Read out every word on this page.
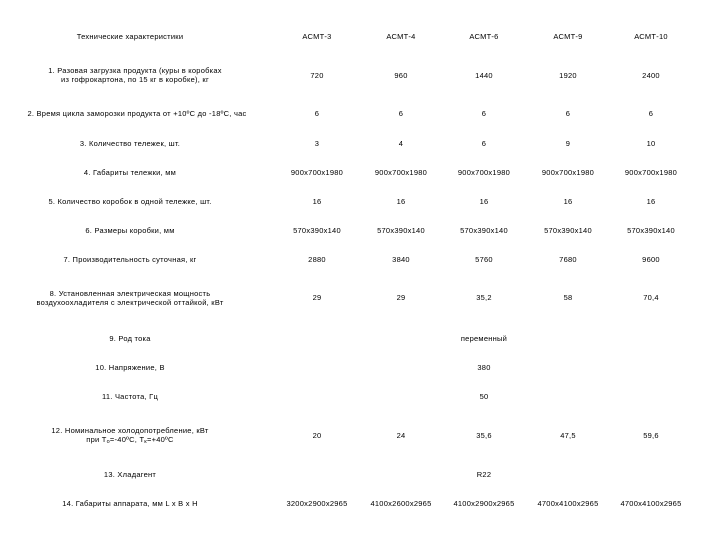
Технические характеристики	АСМТ-3	АСМТ-4	АСМТ-6	АСМТ-9	АСМТ-10
1. Разовая загрузка продукта (куры в коробках
из гофрокартона, по 15 кг в коробке), кг	720	960	1440	1920	2400
2. Время цикла заморозки продукта от +10ºС до -18ºС, час	6	6	6	6	6
3. Количество тележек, шт.	3	4	6	9	10
4. Габариты тележки, мм	900х700х1980	900х700х1980	900х700х1980	900х700х1980	900х700х1980
5. Количество коробок в одной тележке, шт.	16	16	16	16	16
6. Размеры коробки, мм	570х390х140	570х390х140	570х390х140	570х390х140	570х390х140
7. Производительность суточная, кг	2880	3840	5760	7680	9600
8. Установленная электрическая мощность
воздухоохладителя с электрической оттайкой, кВт
29	29	35,2	58	70,4
9. Род тока	переменный
10. Напряжение, В	380
11. Частота, Гц	50
12. Номинальное холодопотребление, кВт
при $Т_о=-40ºС$, $Т_к=+40ºС$	20	24	35,6	47,5	59,6
13. Хладагент	R22
14. Габариты аппарата, мм L х В х Н	3200х2900х2965	4100х2600х2965	4100х2900х2965	4700х4100х2965	4700х4100х2965
